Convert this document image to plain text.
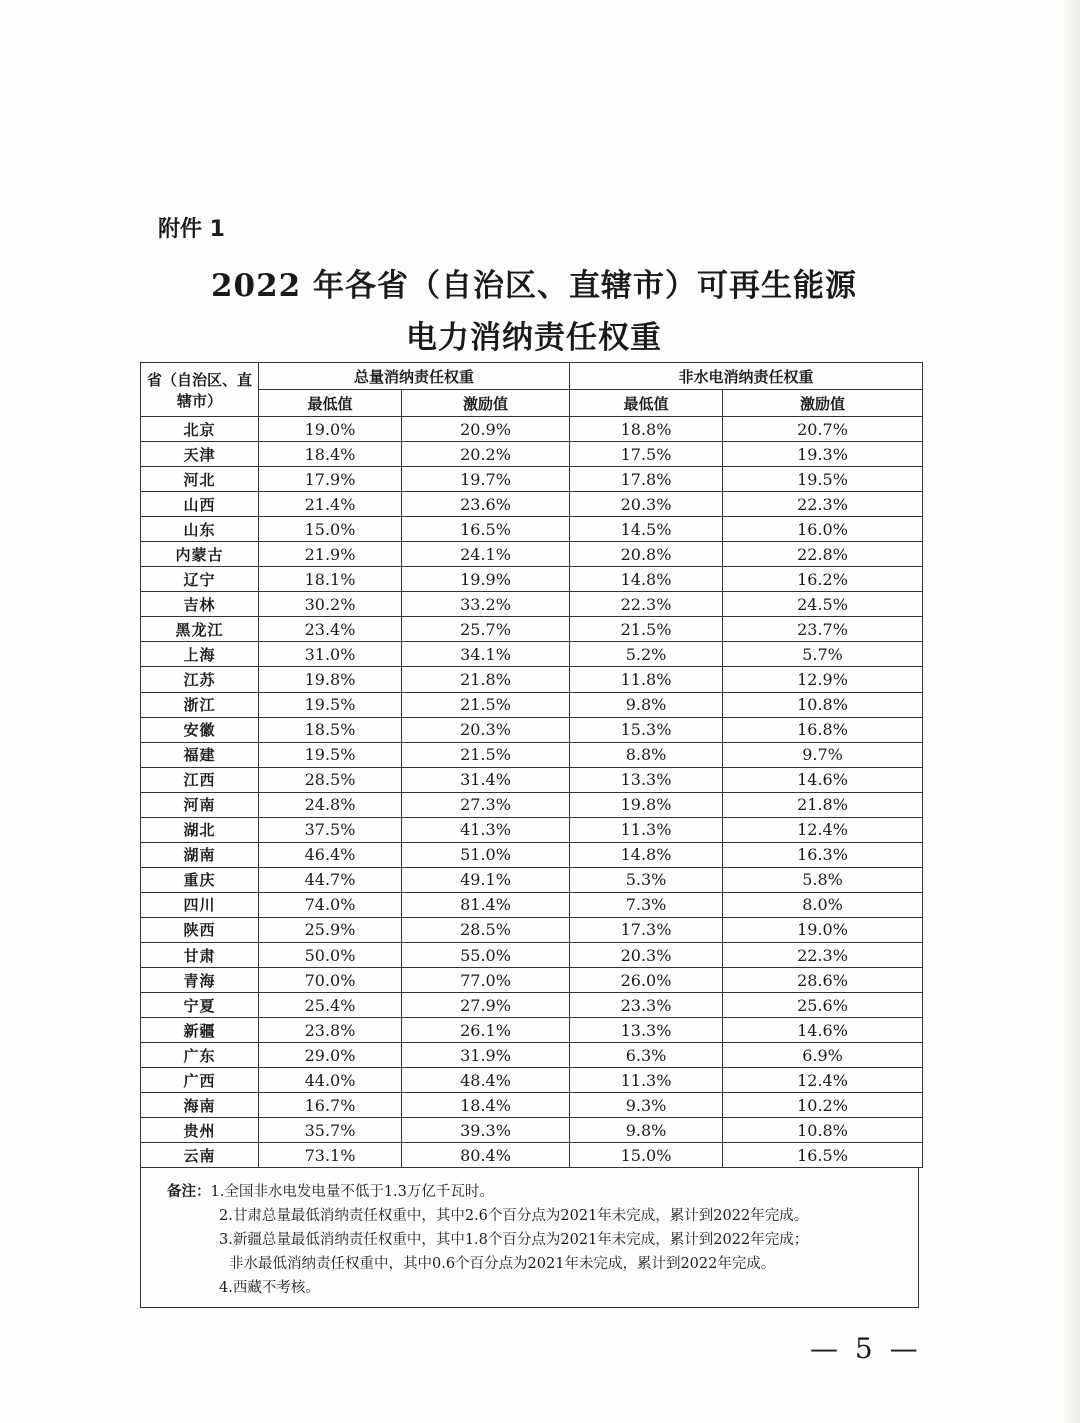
附件 1
2022 年各省（自治区、直辖市）可再生能源
电力消纳责任权重
省（自治区、直辖市）	总量消纳责任权重		非水电消纳责任权重	
	最低值	激励值	最低值	激励值
北京	19.0%	20.9%	18.8%	20.7%
天津	18.4%	20.2%	17.5%	19.3%
河北	17.9%	19.7%	17.8%	19.5%
山西	21.4%	23.6%	20.3%	22.3%
山东	15.0%	16.5%	14.5%	16.0%
内蒙古	21.9%	24.1%	20.8%	22.8%
辽宁	18.1%	19.9%	14.8%	16.2%
吉林	30.2%	33.2%	22.3%	24.5%
黑龙江	23.4%	25.7%	21.5%	23.7%
上海	31.0%	34.1%	5.2%	5.7%
江苏	19.8%	21.8%	11.8%	12.9%
浙江	19.5%	21.5%	9.8%	10.8%
安徽	18.5%	20.3%	15.3%	16.8%
福建	19.5%	21.5%	8.8%	9.7%
江西	28.5%	31.4%	13.3%	14.6%
河南	24.8%	27.3%	19.8%	21.8%
湖北	37.5%	41.3%	11.3%	12.4%
湖南	46.4%	51.0%	14.8%	16.3%
重庆	44.7%	49.1%	5.3%	5.8%
四川	74.0%	81.4%	7.3%	8.0%
陕西	25.9%	28.5%	17.3%	19.0%
甘肃	50.0%	55.0%	20.3%	22.3%
青海	70.0%	77.0%	26.0%	28.6%
宁夏	25.4%	27.9%	23.3%	25.6%
新疆	23.8%	26.1%	13.3%	14.6%
广东	29.0%	31.9%	6.3%	6.9%
广西	44.0%	48.4%	11.3%	12.4%
海南	16.7%	18.4%	9.3%	10.2%
贵州	35.7%	39.3%	9.8%	10.8%
云南	73.1%	80.4%	15.0%	16.5%
备注：1.全国非水电发电量不低于1.3万亿千瓦时。
2.甘肃总量最低消纳责任权重中，其中2.6个百分点为2021年未完成，累计到2022年完成。
3.新疆总量最低消纳责任权重中，其中1.8个百分点为2021年未完成，累计到2022年完成；
非水最低消纳责任权重中，其中0.6个百分点为2021年未完成，累计到2022年完成。
4.西藏不考核。
— 5 —
